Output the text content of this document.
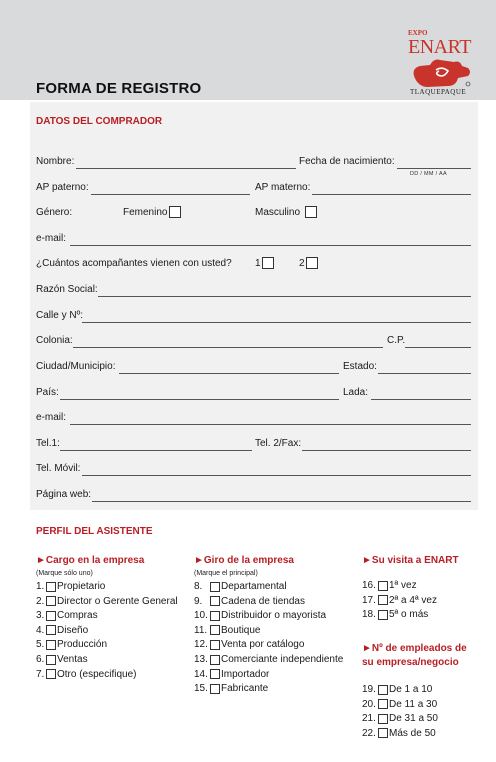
FORMA DE REGISTRO
EXPO
ENART
TLAQUEPAQUE
DATOS DEL COMPRADOR
Nombre:	Fecha de nacimiento:
DD / MM / AA
AP paterno:	AP materno:
Género:	Femenino	Masculino
e-mail:
¿Cuántos acompañantes vienen con usted? 1	2
Razón Social:
Calle y Nº:
Colonia:	C.P.
Ciudad/Municipio:	Estado:
País:	Lada:
e-mail:
Tel.1:	Tel. 2/Fax:
Tel. Móvil:
Página web:
PERFIL DEL ASISTENTE
►Cargo en la empresa
(Marque sólo uno)
1. Propietario
2. Director o Gerente General
3. Compras
4. Diseño
5. Producción
6. Ventas
7. Otro (especifique)
►Giro de la empresa
(Marque el principal)
8.	Departamental
9.	Cadena de tiendas
10. Distribuidor o mayorista
11. Boutique
12. Venta por catálogo
13. Comerciante independiente
14. Importador
15. Fabricante
►Su visita a ENART
16. 1ª vez
17. 2ª a 4ª vez
18. 5ª o más
►Nº de empleados de
su empresa/negocio
19. De 1 a 10
20. De 11 a 30
21. De 31 a 50
22. Más de 50
